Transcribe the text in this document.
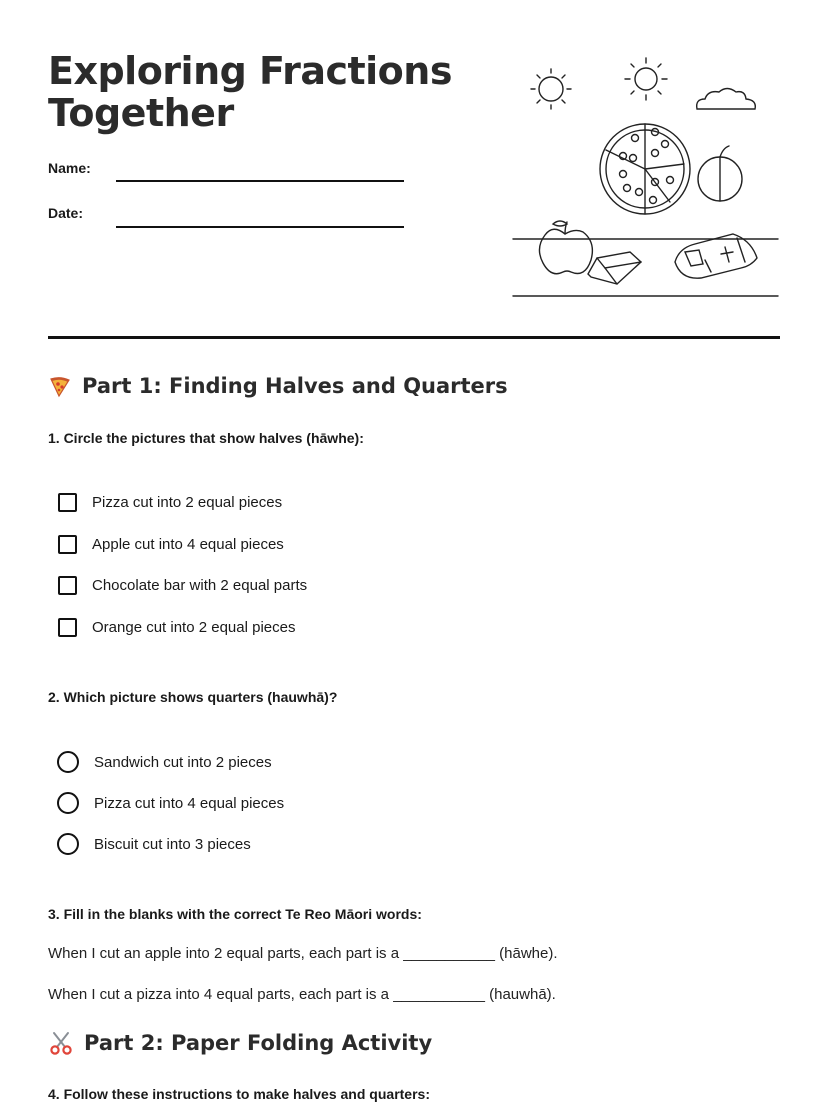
Exploring Fractions
Together
Name:
Date:
Part 1: Finding Halves and Quarters
1. Circle the pictures that show halves (hāwhe):
Pizza cut into 2 equal pieces
Apple cut into 4 equal pieces
Chocolate bar with 2 equal parts
Orange cut into 2 equal pieces
2. Which picture shows quarters (hauwhā)?
Sandwich cut into 2 pieces
Pizza cut into 4 equal pieces
Biscuit cut into 3 pieces
3. Fill in the blanks with the correct Te Reo Māori words:
When I cut an apple into 2 equal parts, each part is a ___________ (hāwhe).
When I cut a pizza into 4 equal parts, each part is a ___________ (hauwhā).
Part 2: Paper Folding Activity
4. Follow these instructions to make halves and quarters:
